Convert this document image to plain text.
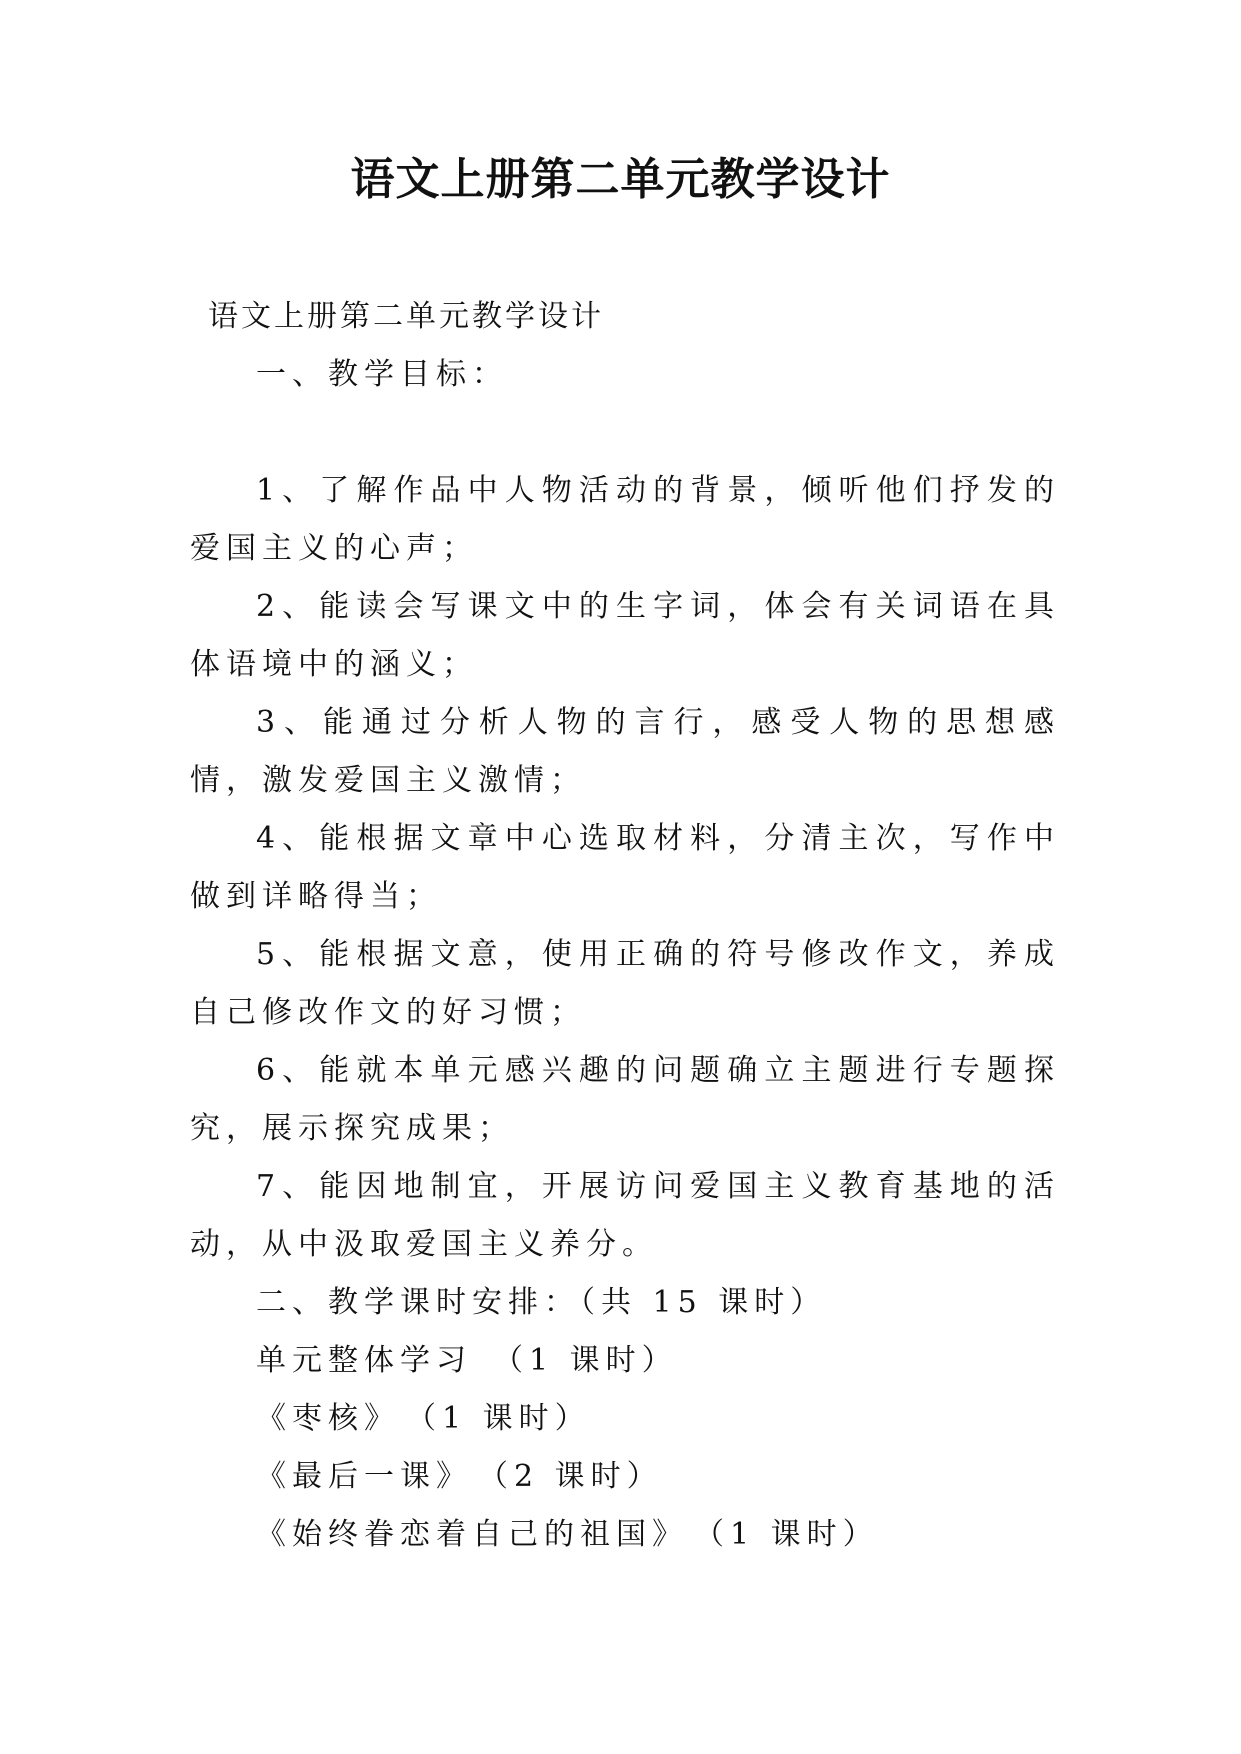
语文上册第二单元教学设计
语文上册第二单元教学设计
一、教学目标：
1、了解作品中人物活动的背景，倾听他们抒发的爱国主义的心声；
2、能读会写课文中的生字词，体会有关词语在具体语境中的涵义；
3、能通过分析人物的言行，感受人物的思想感情，激发爱国主义激情；
4、能根据文章中心选取材料，分清主次，写作中做到详略得当；
5、能根据文意，使用正确的符号修改作文，养成自己修改作文的好习惯；
6、能就本单元感兴趣的问题确立主题进行专题探究，展示探究成果；
7、能因地制宜，开展访问爱国主义教育基地的活动，从中汲取爱国主义养分。
二、教学课时安排：（共 15 课时）
单元整体学习　（1 课时）
《枣核》　（1 课时）
《最后一课》　（2 课时）
《始终眷恋着自己的祖国》　（1 课时）
